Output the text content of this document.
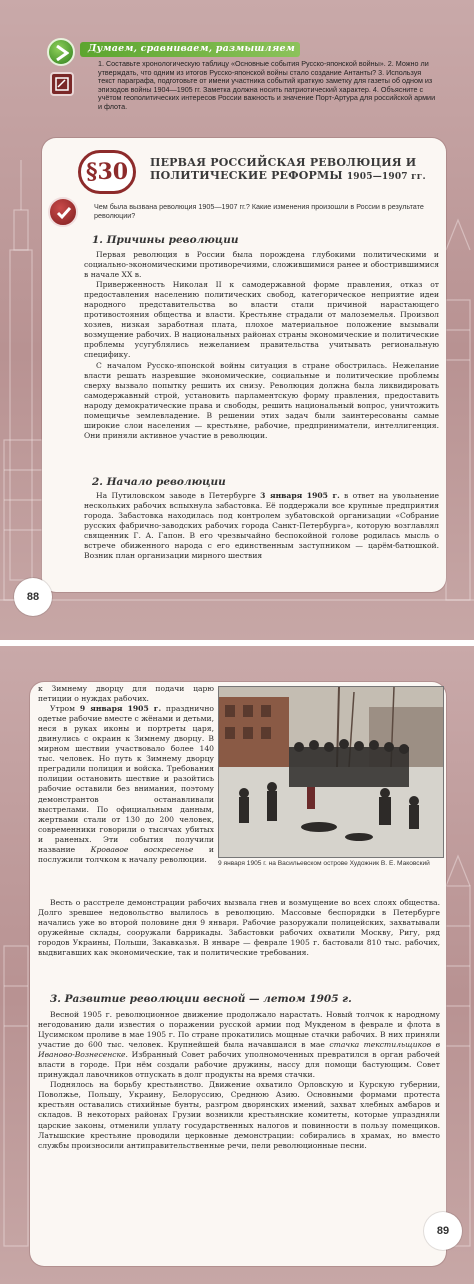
Думаем, сравниваем, размышляем
1. Составьте хронологическую таблицу «Основные события Русско-японской войны». 2. Можно ли утверждать, что одним из итогов Русско-японской войны стало создание Антанты? 3. Используя текст параграфа, подготовьте от имени участника событий краткую заметку для газеты об одном из эпизодов войны 1904—1905 гг. Заметка должна носить патриотический характер. 4. Объясните с учётом геополитических интересов России важность и значение Порт-Артура для российской армии и флота.
§30	ПЕРВАЯ РОССИЙСКАЯ РЕВОЛЮЦИЯ И ПОЛИТИЧЕСКИЕ РЕФОРМЫ 1905—1907 гг.
Чем была вызвана революция 1905—1907 гг.? Какие изменения произошли в России в результате революции?
1. Причины революции

Первая революция в России была порождена глубокими политическими и социально-экономическими противоречиями, сложившимися ранее и обострившимися в начале XX в.

Приверженность Николая II к самодержавной форме правления, отказ от предоставления населению политических свобод, категорическое неприятие идеи народного представительства во власти стали причиной нарастающего противостояния общества и власти. Крестьяне страдали от малоземелья. Произвол хозяев, низкая заработная плата, плохое материальное положение вызывали возмущение рабочих. В национальных районах страны экономические и политические проблемы усугублялись нежеланием правительства учитывать региональную специфику.

С началом Русско-японской войны ситуация в стране обострилась. Нежелание власти решать назревшие экономические, социальные и политические проблемы сверху вызвало попытку решить их снизу. Революция должна была ликвидировать самодержавный строй, установить парламентскую форму правления, предоставить народу демократические права и свободы, решить национальный вопрос, уничтожить помещичье землевладение. В решении этих задач были заинтересованы самые широкие слои населения — крестьяне, рабочие, предприниматели, интеллигенция. Они приняли активное участие в революции.

2. Начало революции

На Путиловском заводе в Петербурге 3 января 1905 г. в ответ на увольнение нескольких рабочих вспыхнула забастовка. Её поддержали все крупные предприятия города. Забастовка находилась под контролем зубатовской организации «Собрание русских фабрично-заводских рабочих города Санкт-Петербурга», которую возглавлял священник Г. А. Гапон. В его чрезвычайно беспокойной голове родилась мысль о встрече обиженного народа с его единственным заступником — царём-батюшкой. Возник план организации мирного шествия

88

к Зимнему дворцу для подачи царю петиции о нуждах рабочих.

Утром 9 января 1905 г. празднично одетые рабочие вместе с жёнами и детьми, неся в руках иконы и портреты царя, двинулись с окраин к Зимнему дворцу. В мирном шествии участвовало более 140 тыс. человек. Но путь к Зимнему дворцу преградили полиция и войска. Требования полиции остановить шествие и разойтись рабочие оставили без внимания, поэтому демонстрантов останавливали выстрелами. По официальным данным, жертвами стали от 130 до 200 человек, современники говорили о тысячах убитых и раненых. Эти события получили название Кровавое воскресенье и послужили толчком к началу революции.

Весть о расстреле демонстрации рабочих вызвала гнев и возмущение во всех слоях общества. Долго зревшее недовольство вылилось в революцию. Массовые беспорядки в Петербурге начались уже во второй половине дня 9 января. Рабочие разоружали полицейских, захватывали оружейные склады, сооружали баррикады. Забастовки рабочих охватили Москву, Ригу, ряд городов Украины, Польши, Закавказья. В январе — феврале 1905 г. бастовали 810 тыс. рабочих, выдвигавших как экономические, так и политические требования.

3. Развитие революции весной — летом 1905 г.

Весной 1905 г. революционное движение продолжало нарастать. Новый толчок к народному негодованию дали известия о поражении русской армии под Мукденом в феврале и флота в Цусимском проливе в мае 1905 г. По стране прокатились мощные стачки рабочих. В них приняли участие до 600 тыс. человек. Крупнейшей была начавшаяся в мае стачка текстильщиков в Иваново-Вознесенске. Избранный Совет рабочих уполномоченных превратился в орган рабочей власти в городе. При нём создали рабочие дружины, нассу для помощи бастующим. Совет принуждал лавочников отпускать в долг продукты на время стачки.

Поднялось на борьбу крестьянство. Движение охватило Орловскую и Курскую губернии, Поволжье, Польшу, Украину, Белоруссию, Среднюю Азию. Основными формами протеста крестьян оставались стихийные бунты, разгром дворянских имений, захват хлебных амбаров и складов. В некоторых районах Грузии возникли крестьянские комитеты, которые упраздняли царские законы, отменили уплату государственных налогов и повинности в пользу помещиков. Латышские крестьяне проводили церковные демонстрации: собирались в храмах, но вместо службы произносили антиправительственные речи, пели революционные песни.

89
9 января 1905 г. на Васильевском острове Художник В. Е. Маковский
